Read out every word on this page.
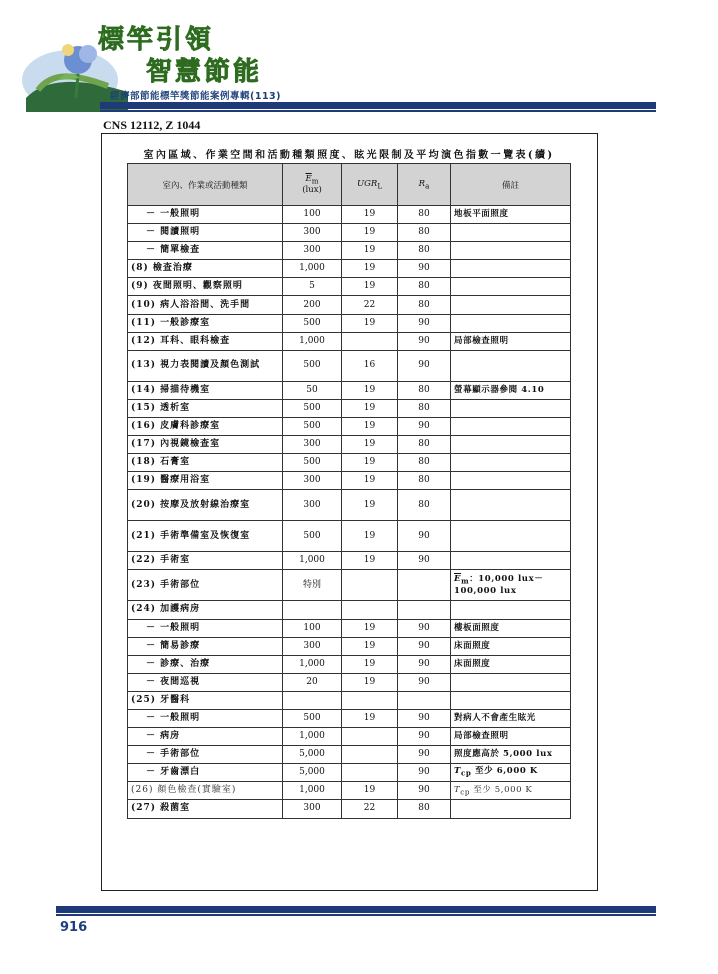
標竿引領
智慧節能
經濟部節能標竿獎節能案例專輯(113)
CNS 12112, Z 1044
室內區域、作業空間和活動種類照度、眩光限制及平均演色指數一覽表(續)
室內、作業或活動種類	$\overline{E}_m$
(lux)	$UGR_L$	$R_a$	備註
－ 一般照明	100	19	80	地板平面照度
－ 閱讀照明	300	19	80	
－ 簡單檢查	300	19	80	
(8) 檢查治療	1,000	19	90	
(9) 夜間照明、觀察照明	5	19	80	
(10) 病人浴浴間、洗手間	200	22	80	
(11) 一般診療室	500	19	90	
(12) 耳科、眼科檢查	1,000		90	局部檢查照明
(13) 視力表閱讀及顏色測試	500	16	90	
(14) 掃描待機室	50	19	80	螢幕顯示器參閱 4.10
(15) 透析室	500	19	80	
(16) 皮膚科診療室	500	19	90	
(17) 內視鏡檢查室	300	19	80	
(18) 石膏室	500	19	80	
(19) 醫療用浴室	300	19	80	
(20) 按摩及放射線治療室	300	19	80	
(21) 手術準備室及恢復室	500	19	90	
(22) 手術室	1,000	19	90	
(23) 手術部位	特別			$\overline{E}_m$：10,000 lux－100,000 lux
(24) 加護病房				
－ 一般照明	100	19	90	樓板面照度
－ 簡易診療	300	19	90	床面照度
－ 診療、治療	1,000	19	90	床面照度
－ 夜間巡視	20	19	90	
(25) 牙醫科				
－ 一般照明	500	19	90	對病人不會產生眩光
－ 病房	1,000		90	局部檢查照明
－ 手術部位	5,000		90	照度應高於 5,000 lux
－ 牙齒漂白	5,000		90	$T_{cp}$ 至少 6,000 K
(26) 顏色檢查(實驗室)	1,000	19	90	$T_{cp}$ 至少 5,000 K
(27) 殺菌室	300	22	80	
916
